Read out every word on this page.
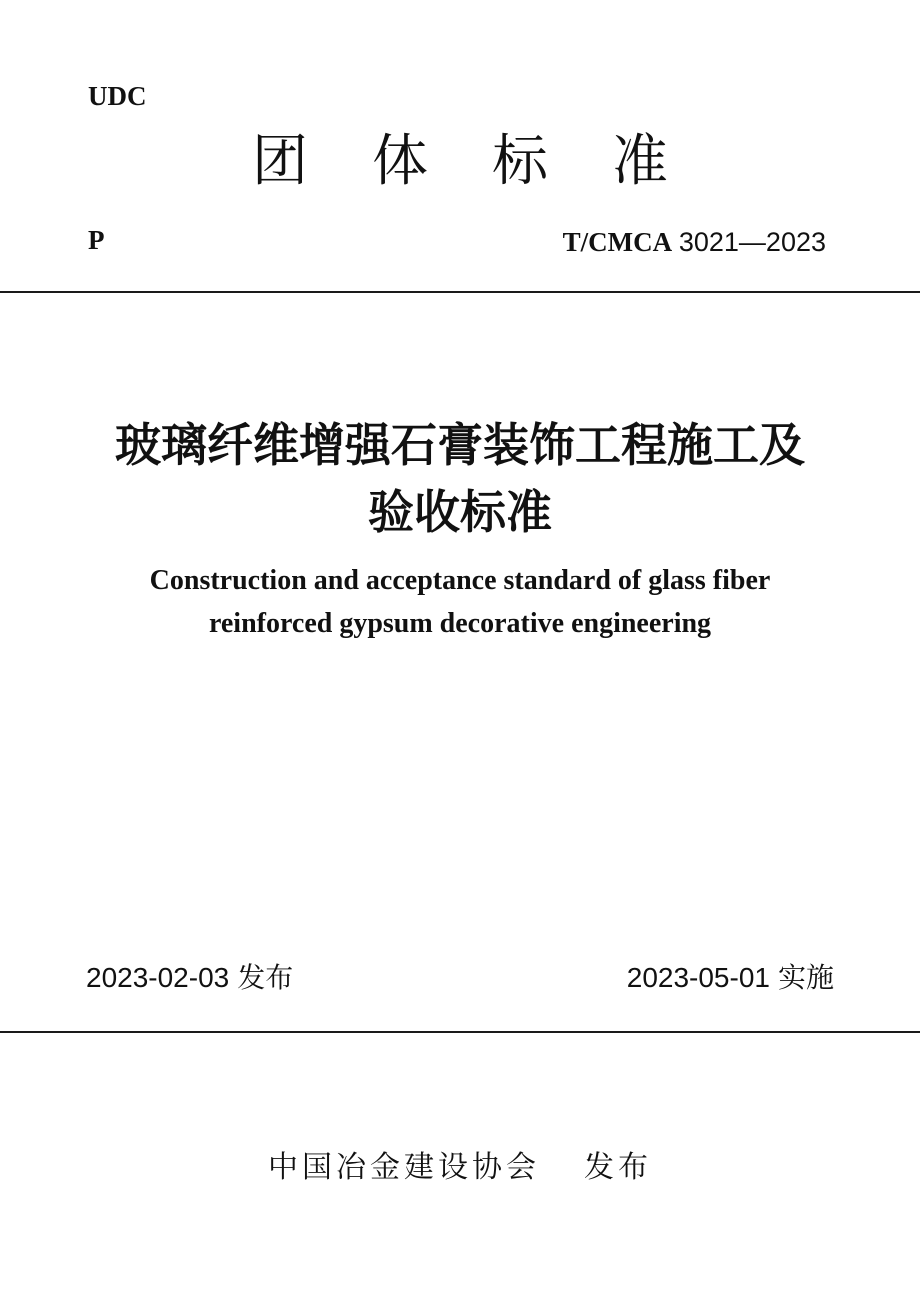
UDC
团体标准
P	T/CMCA 3021—2023
玻璃纤维增强石膏装饰工程施工及
验收标准
Construction and acceptance standard of glass fiber
reinforced gypsum decorative engineering
2023-02-03 发布	2023-05-01 实施
中国冶金建设协会 发布
